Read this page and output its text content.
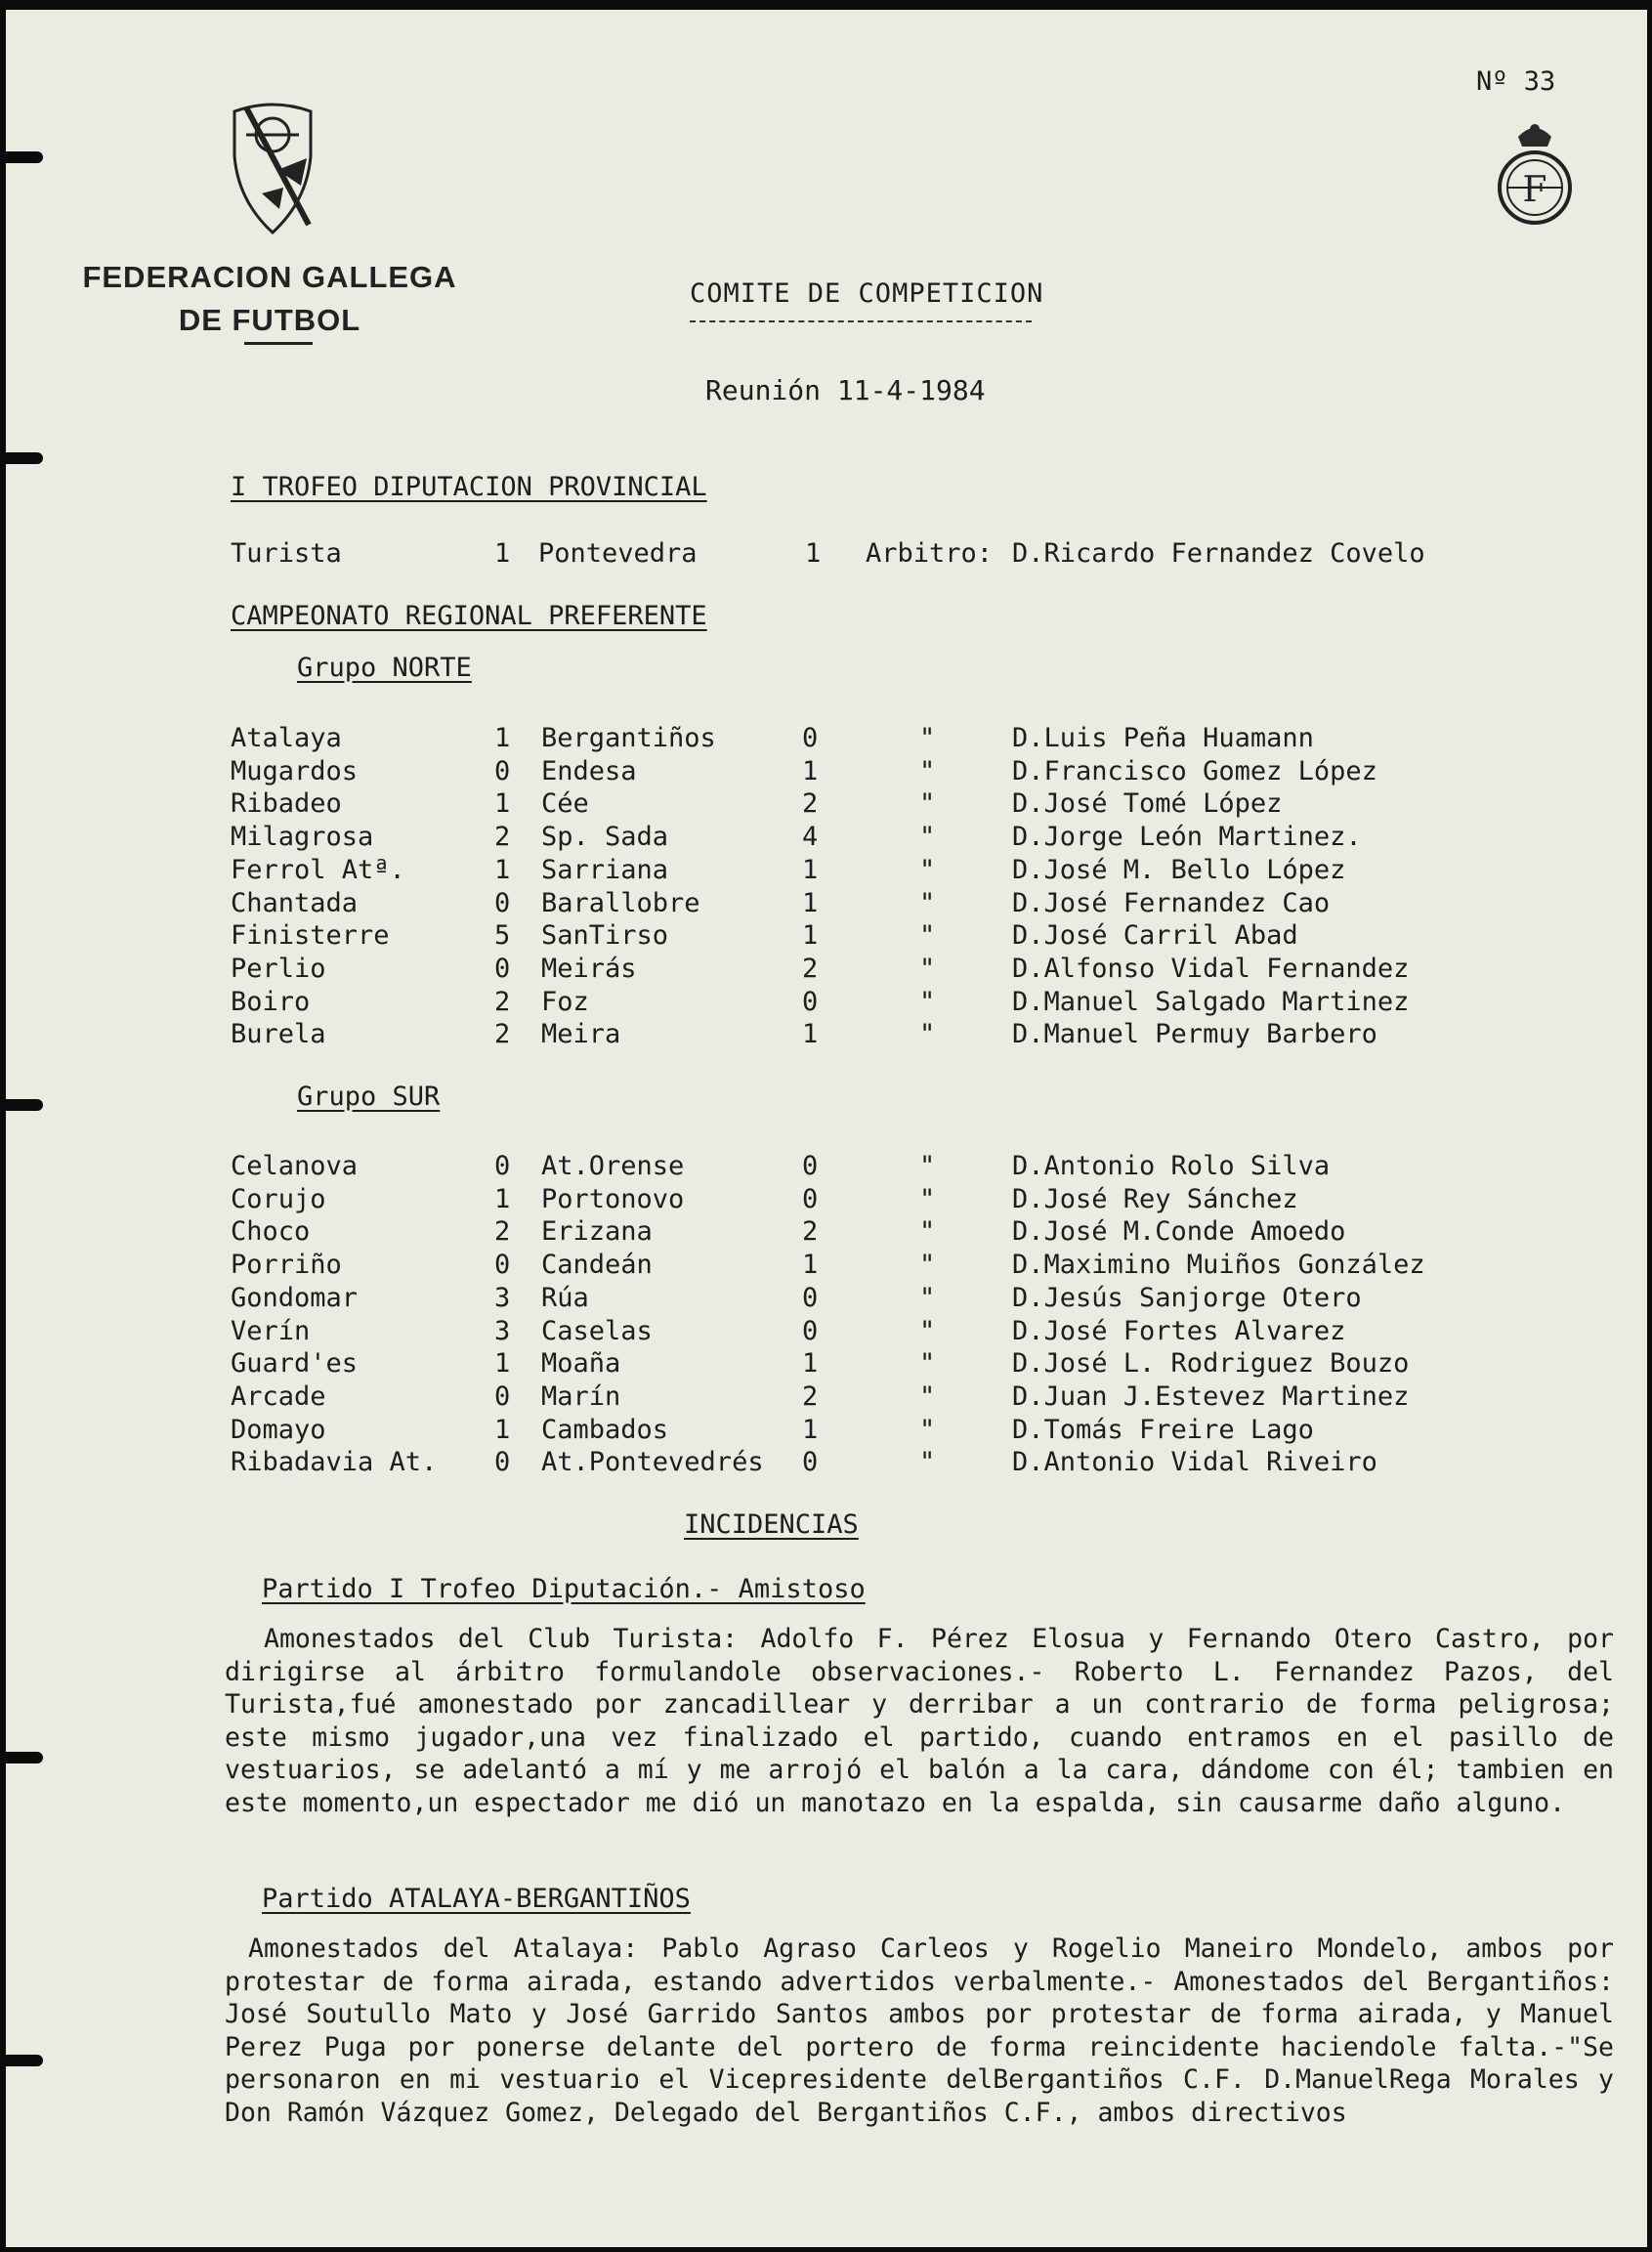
F
FEDERACION GALLEGA DE FUTBOL
Nº 33
COMITE DE COMPETICION
Reunión 11-4-1984
I TROFEO DIPUTACION PROVINCIAL
Turista	1 Pontevedra	1 Arbitro: D.Ricardo Fernandez Covelo
CAMPEONATO REGIONAL PREFERENTE
Grupo NORTE
Atalaya	1 Bergantiños	0	"	D.Luis Peña Huamann
Mugardos	0 Endesa	1	"	D.Francisco Gomez López
Ribadeo	1 Cée	2	"	D.José Tomé López
Milagrosa	2 Sp. Sada	4	"	D.Jorge León Martinez.
Ferrol Atª.	1 Sarriana	1	"	D.José M. Bello López
Chantada	0 Barallobre	1	"	D.José Fernandez Cao
Finisterre	5 SanTirso	1	"	D.José Carril Abad
Perlio	0 Meirás	2	"	D.Alfonso Vidal Fernandez
Boiro	2 Foz	0	"	D.Manuel Salgado Martinez
Burela	2 Meira	1	"	D.Manuel Permuy Barbero
Grupo SUR
Celanova	0 At.Orense	0	"	D.Antonio Rolo Silva
Corujo	1 Portonovo	0	"	D.José Rey Sánchez
Choco	2 Erizana	2	"	D.José M.Conde Amoedo
Porriño	0 Candeán	1	"	D.Maximino Muiños González
Gondomar	3 Rúa	0	"	D.Jesús Sanjorge Otero
Verín	3 Caselas	0	"	D.José Fortes Alvarez
Guard'es	1 Moaña	1	"	D.José L. Rodriguez Bouzo
Arcade	0 Marín	2	"	D.Juan J.Estevez Martinez
Domayo	1 Cambados	1	"	D.Tomás Freire Lago
Ribadavia At. 0 At.Pontevedrés 0	"	D.Antonio Vidal Riveiro
INCIDENCIAS
Partido I Trofeo Diputación.- Amistoso

Amonestados del Club Turista: Adolfo F. Pérez Elosua y Fernando Otero Castro, por dirigirse al árbitro formulandole observaciones.- Roberto L. Fernandez Pazos, del Turista,fué amonestado por zancadillear y derribar a un contrario de forma peligrosa; este mismo jugador,una vez finalizado el partido, cuando entramos en el pasillo de vestuarios, se adelantó a mí y me arrojó el balón a la cara, dándome con él; tambien en este momento,un espectador me dió un manotazo en la espalda, sin causarme daño alguno.

Partido ATALAYA-BERGANTIÑOS

Amonestados del Atalaya: Pablo Agraso Carleos y Rogelio Maneiro Mondelo, ambos por protestar de forma airada, estando advertidos verbalmente.- Amonestados del Bergantiños: José Soutullo Mato y José Garrido Santos ambos por protestar de forma airada, y Manuel Perez Puga por ponerse delante del portero de forma reincidente haciendole falta.-"Se personaron en mi vestuario el Vicepresidente delBergantiños C.F. D.ManuelRega Morales y Don Ramón Vázquez Gomez, Delegado del Bergantiños C.F., ambos directivos
